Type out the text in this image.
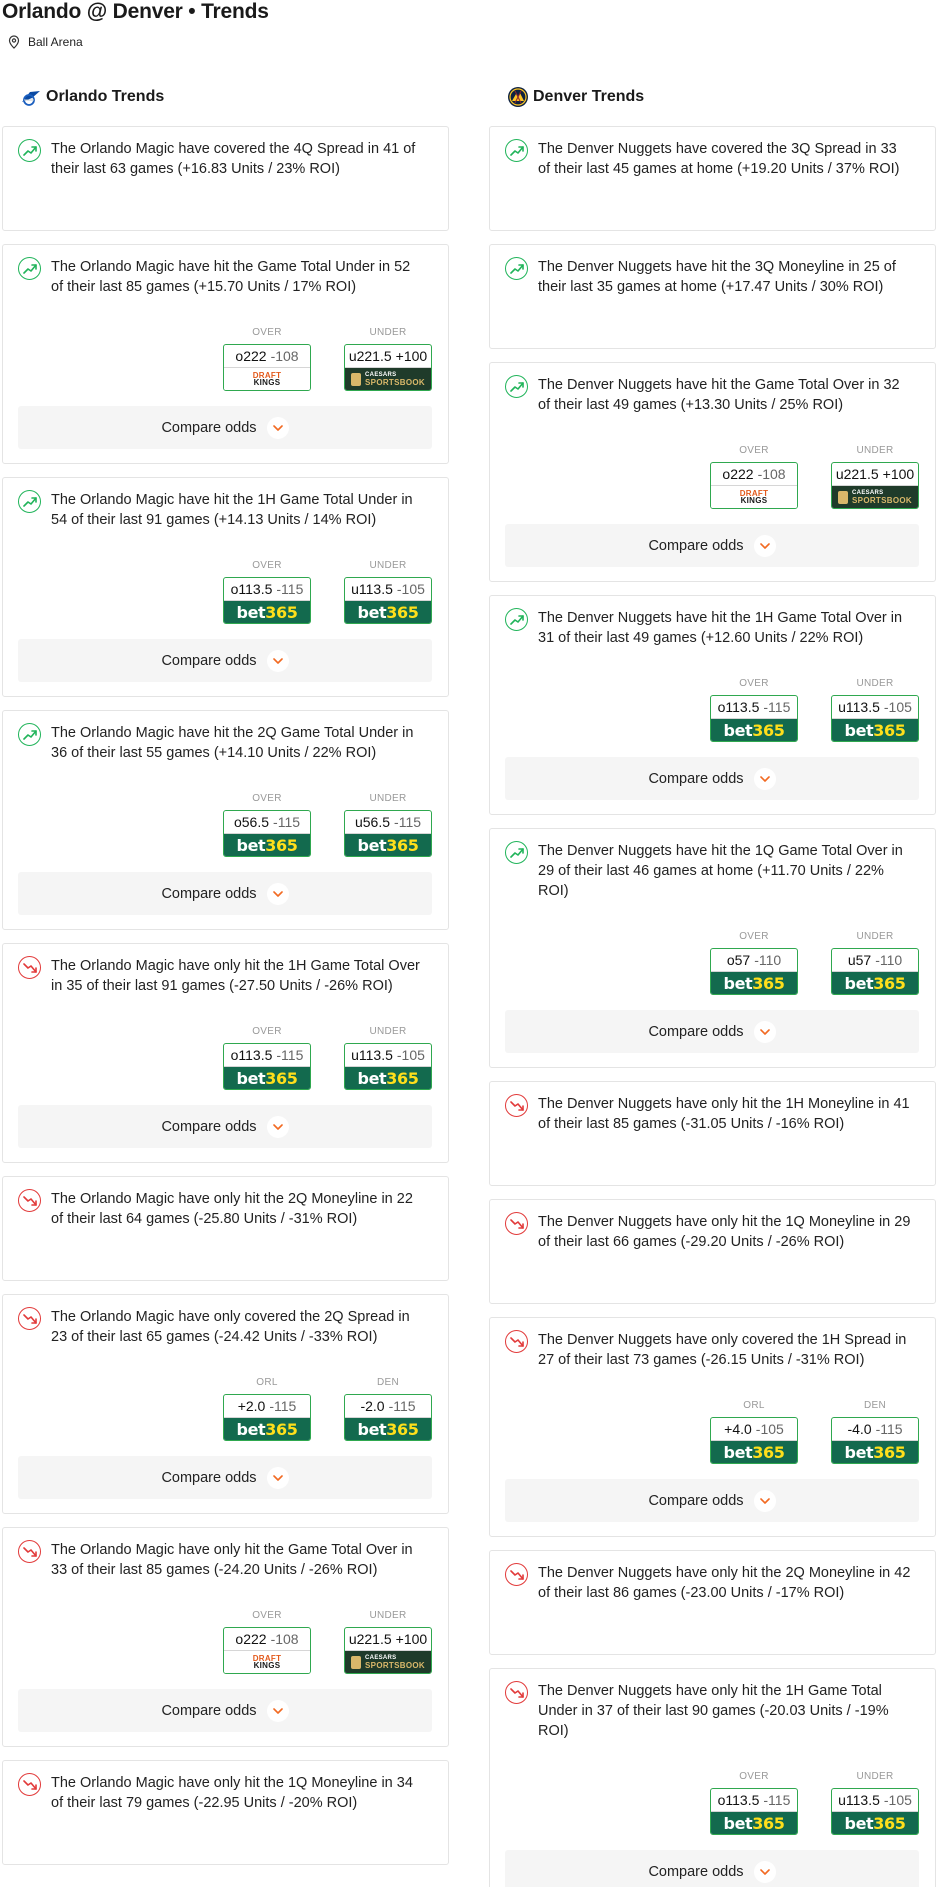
Orlando @ Denver • Trends
Ball Arena
Orlando Trends

The Orlando Magic have covered the 4Q Spread in 41 of their last 63 games (+16.83 Units / 23% ROI)

The Orlando Magic have hit the Game Total Under in 52 of their last 85 games (+15.70 Units / 17% ROI)

OVER
o222 -108
DRAFT
KINGS
UNDER
u221.5 +100
CAESARS
SPORTSBOOK
Compare odds

The Orlando Magic have hit the 1H Game Total Under in 54 of their last 91 games (+14.13 Units / 14% ROI)

OVER
o113.5 -115
bet365
UNDER
u113.5 -105
bet365
Compare odds

The Orlando Magic have hit the 2Q Game Total Under in 36 of their last 55 games (+14.10 Units / 22% ROI)

OVER
o56.5 -115
bet365
UNDER
u56.5 -115
bet365
Compare odds

The Orlando Magic have only hit the 1H Game Total Over in 35 of their last 91 games (-27.50 Units / -26% ROI)

OVER
o113.5 -115
bet365
UNDER
u113.5 -105
bet365
Compare odds

The Orlando Magic have only hit the 2Q Moneyline in 22 of their last 64 games (-25.80 Units / -31% ROI)

The Orlando Magic have only covered the 2Q Spread in 23 of their last 65 games (-24.42 Units / -33% ROI)

ORL
+2.0 -115
bet365
DEN
-2.0 -115
bet365
Compare odds

The Orlando Magic have only hit the Game Total Over in 33 of their last 85 games (-24.20 Units / -26% ROI)

OVER
o222 -108
DRAFT
KINGS
UNDER
u221.5 +100
CAESARS
SPORTSBOOK
Compare odds

The Orlando Magic have only hit the 1Q Moneyline in 34 of their last 79 games (-22.95 Units / -20% ROI)

Denver Trends

The Denver Nuggets have covered the 3Q Spread in 33 of their last 45 games at home (+19.20 Units / 37% ROI)

The Denver Nuggets have hit the 3Q Moneyline in 25 of their last 35 games at home (+17.47 Units / 30% ROI)

The Denver Nuggets have hit the Game Total Over in 32 of their last 49 games (+13.30 Units / 25% ROI)

OVER
o222 -108
DRAFT
KINGS
UNDER
u221.5 +100
CAESARS
SPORTSBOOK
Compare odds

The Denver Nuggets have hit the 1H Game Total Over in 31 of their last 49 games (+12.60 Units / 22% ROI)

OVER
o113.5 -115
bet365
UNDER
u113.5 -105
bet365
Compare odds

The Denver Nuggets have hit the 1Q Game Total Over in 29 of their last 46 games at home (+11.70 Units / 22% ROI)

OVER
o57 -110
bet365
UNDER
u57 -110
bet365
Compare odds

The Denver Nuggets have only hit the 1H Moneyline in 41 of their last 85 games (-31.05 Units / -16% ROI)

The Denver Nuggets have only hit the 1Q Moneyline in 29 of their last 66 games (-29.20 Units / -26% ROI)

The Denver Nuggets have only covered the 1H Spread in 27 of their last 73 games (-26.15 Units / -31% ROI)

ORL
+4.0 -105
bet365
DEN
-4.0 -115
bet365
Compare odds

The Denver Nuggets have only hit the 2Q Moneyline in 42 of their last 86 games (-23.00 Units / -17% ROI)

The Denver Nuggets have only hit the 1H Game Total Under in 37 of their last 90 games (-20.03 Units / -19% ROI)

OVER
o113.5 -115
bet365
UNDER
u113.5 -105
bet365
Compare odds
